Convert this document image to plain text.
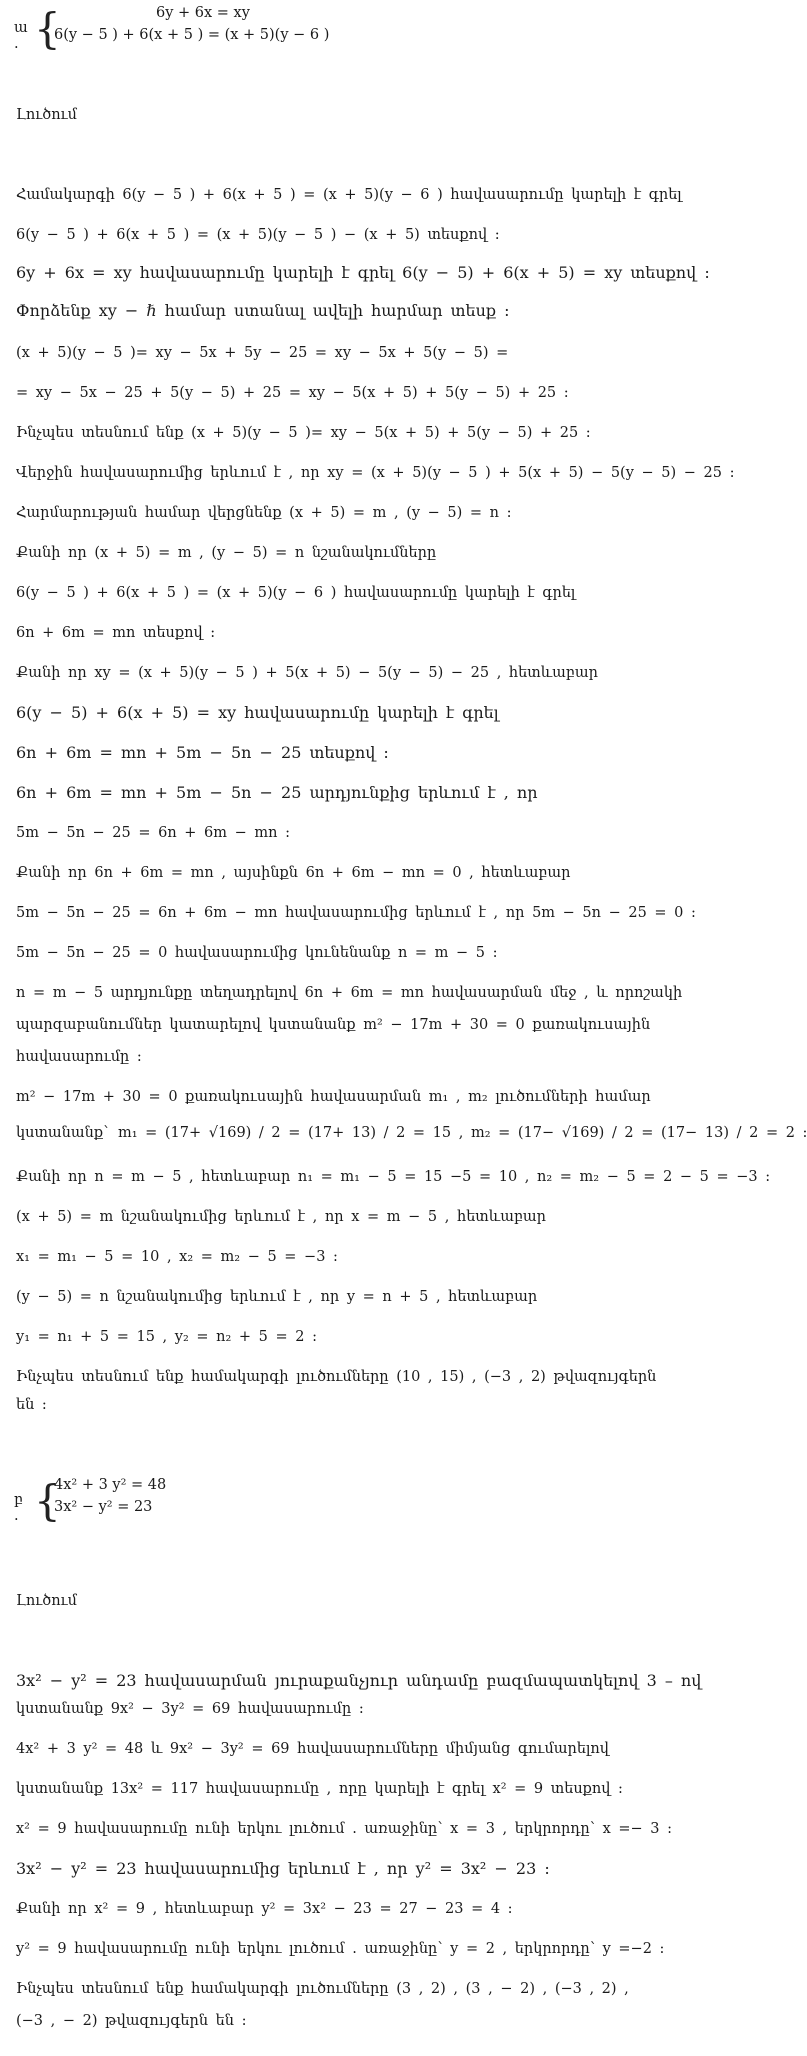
ա . {	6y + 6x = xy
6(y − 5 ) + 6(x + 5 ) = (x + 5)(y − 6 )
Լուծում
Համակարգի 6(y − 5 ) + 6(x + 5 ) = (x + 5)(y − 6 ) հավասարումը կարելի է գրել
6(y − 5 ) + 6(x + 5 ) = (x + 5)(y − 5 ) − (x + 5) տեսքով :
6y + 6x = xy հավասարումը կարելի է գրել 6(y − 5) + 6(x + 5) = xy տեսքով :
Փորձենք xy − ℏ համար ստանալ ավելի հարմար տեսք :
(x + 5)(y − 5 )= xy − 5x + 5y − 25 = xy − 5x + 5(y − 5) =
= xy − 5x − 25 + 5(y − 5) + 25 = xy − 5(x + 5) + 5(y − 5) + 25 :
Ինչպես տեսնում ենք (x + 5)(y − 5 )= xy − 5(x + 5) + 5(y − 5) + 25 :
Վերջին հավասարումից երևում է , որ xy = (x + 5)(y − 5 ) + 5(x + 5) − 5(y − 5) − 25 :
Հարմարության համար վերցնենք (x + 5) = m , (y − 5) = n :
Քանի որ (x + 5) = m , (y − 5) = n նշանակումները
6(y − 5 ) + 6(x + 5 ) = (x + 5)(y − 6 ) հավասարումը կարելի է գրել
6n + 6m = mn տեսքով :
Քանի որ xy = (x + 5)(y − 5 ) + 5(x + 5) − 5(y − 5) − 25 , հետևաբար
6(y − 5) + 6(x + 5) = xy հավասարումը կարելի է գրել
6n + 6m = mn + 5m − 5n − 25 տեսքով :
6n + 6m = mn + 5m − 5n − 25 արդյունքից երևում է , որ
5m − 5n − 25 = 6n + 6m − mn :
Քանի որ 6n + 6m = mn , այսինքն 6n + 6m − mn = 0 , հետևաբար
5m − 5n − 25 = 6n + 6m − mn հավասարումից երևում է , որ 5m − 5n − 25 = 0 :
5m − 5n − 25 = 0 հավասարումից կունենանք n = m − 5 :
n = m − 5 արդյունքը տեղադրելով 6n + 6m = mn հավասարման մեջ , և որոշակի
պարզաբանումներ կատարելով կստանանք m² − 17m + 30 = 0 քառակուսային
հավասարումը :
m² − 17m + 30 = 0 քառակուսային հավասարման m₁ , m₂ լուծումների համար
կստանանք` m₁ = (17+ √169) / 2 = (17+ 13) / 2 = 15 , m₂ = (17− √169) / 2 = (17− 13) / 2 = 2 :
Քանի որ n = m − 5 , հետևաբար n₁ = m₁ − 5 = 15 −5 = 10 , n₂ = m₂ − 5 = 2 − 5 = −3 :
(x + 5) = m նշանակումից երևում է , որ x = m − 5 , հետևաբար
x₁ = m₁ − 5 = 10 , x₂ = m₂ − 5 = −3 :
(y − 5) = n նշանակումից երևում է , որ y = n + 5 , հետևաբար
y₁ = n₁ + 5 = 15 , y₂ = n₂ + 5 = 2 :
Ինչպես տեսնում ենք համակարգի լուծումները (10 , 15) , (−3 , 2) թվազույգերն
են :
բ . {
4x² + 3 y² = 48
3x² − y² = 23
Լուծում
3x² − y² = 23 հավասարման յուրաքանչյուր անդամը բազմապատկելով 3 – ով
կստանանք 9x² − 3y² = 69 հավասարումը :
4x² + 3 y² = 48 և 9x² − 3y² = 69 հավասարումները միմյանց գումարելով
կստանանք 13x² = 117 հավասարումը , որը կարելի է գրել x² = 9 տեսքով :
x² = 9 հավասարումը ունի երկու լուծում . առաջինը՝ x = 3 , երկրորդը՝ x =− 3 :
3x² − y² = 23 հավասարումից երևում է , որ y² = 3x² − 23 :
Քանի որ x² = 9 , հետևաբար y² = 3x² − 23 = 27 − 23 = 4 :
y² = 9 հավասարումը ունի երկու լուծում . առաջինը՝ y = 2 , երկրորդը՝ y =−2 :
Ինչպես տեսնում ենք համակարգի լուծումները (3 , 2) , (3 , − 2) , (−3 , 2) ,
(−3 , − 2) թվազույգերն են :
